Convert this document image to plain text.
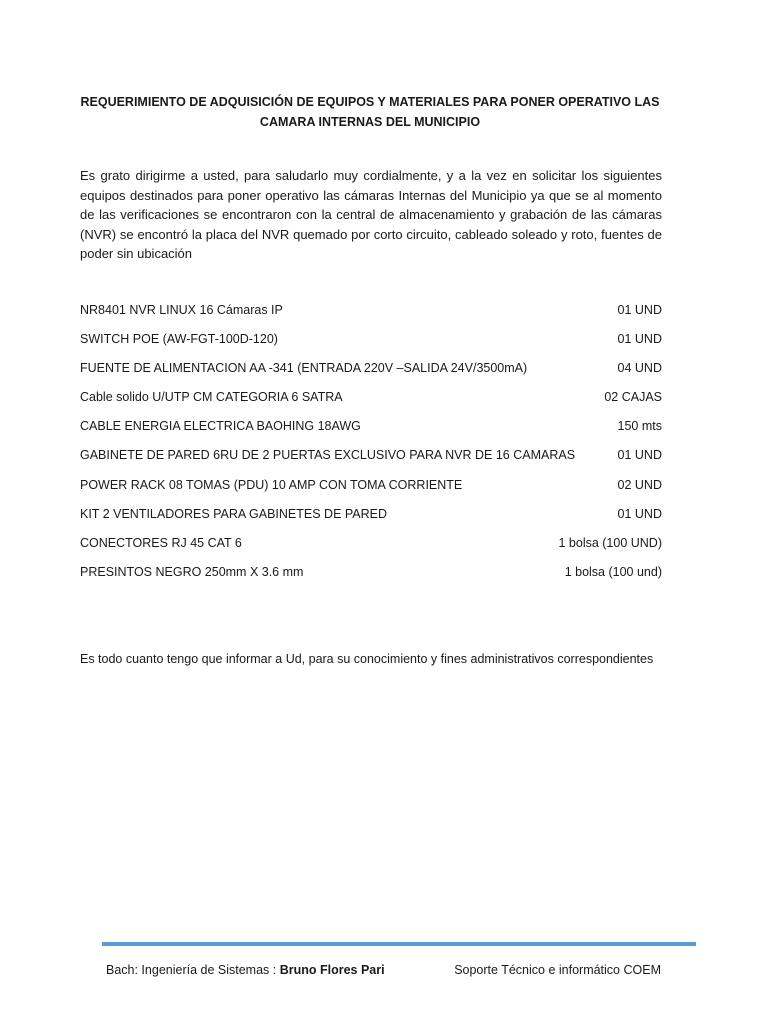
REQUERIMIENTO DE ADQUISICIÓN DE EQUIPOS Y MATERIALES PARA PONER OPERATIVO LAS
CAMARA INTERNAS DEL MUNICIPIO
Es grato dirigirme a usted, para saludarlo muy cordialmente, y a la vez en solicitar los siguientes equipos destinados para poner operativo las cámaras Internas del Municipio ya que se al momento de las verificaciones se encontraron con la central de almacenamiento y grabación de las cámaras (NVR) se encontró la placa del NVR quemado por corto circuito, cableado soleado y roto, fuentes de poder sin ubicación
NR8401 NVR LINUX 16 Cámaras IP	01 UND
SWITCH POE (AW-FGT-100D-120)	01 UND
FUENTE DE ALIMENTACION AA -341 (ENTRADA 220V –SALIDA 24V/3500mA)	04 UND
Cable solido U/UTP CM CATEGORIA 6 SATRA	02 CAJAS
CABLE ENERGIA ELECTRICA BAOHING 18AWG	150 mts
GABINETE DE PARED 6RU DE 2 PUERTAS EXCLUSIVO PARA NVR DE 16 CAMARAS	01 UND
POWER RACK 08 TOMAS (PDU) 10 AMP CON TOMA CORRIENTE	02 UND
KIT 2 VENTILADORES PARA GABINETES DE PARED	01 UND
CONECTORES RJ 45 CAT 6	1 bolsa (100 UND)
PRESINTOS NEGRO 250mm X 3.6 mm	1 bolsa (100 und)
Es todo cuanto tengo que informar a Ud, para su conocimiento y fines administrativos correspondientes
Bach: Ingeniería de Sistemas : Bruno Flores Pari	Soporte Técnico e informático COEM
